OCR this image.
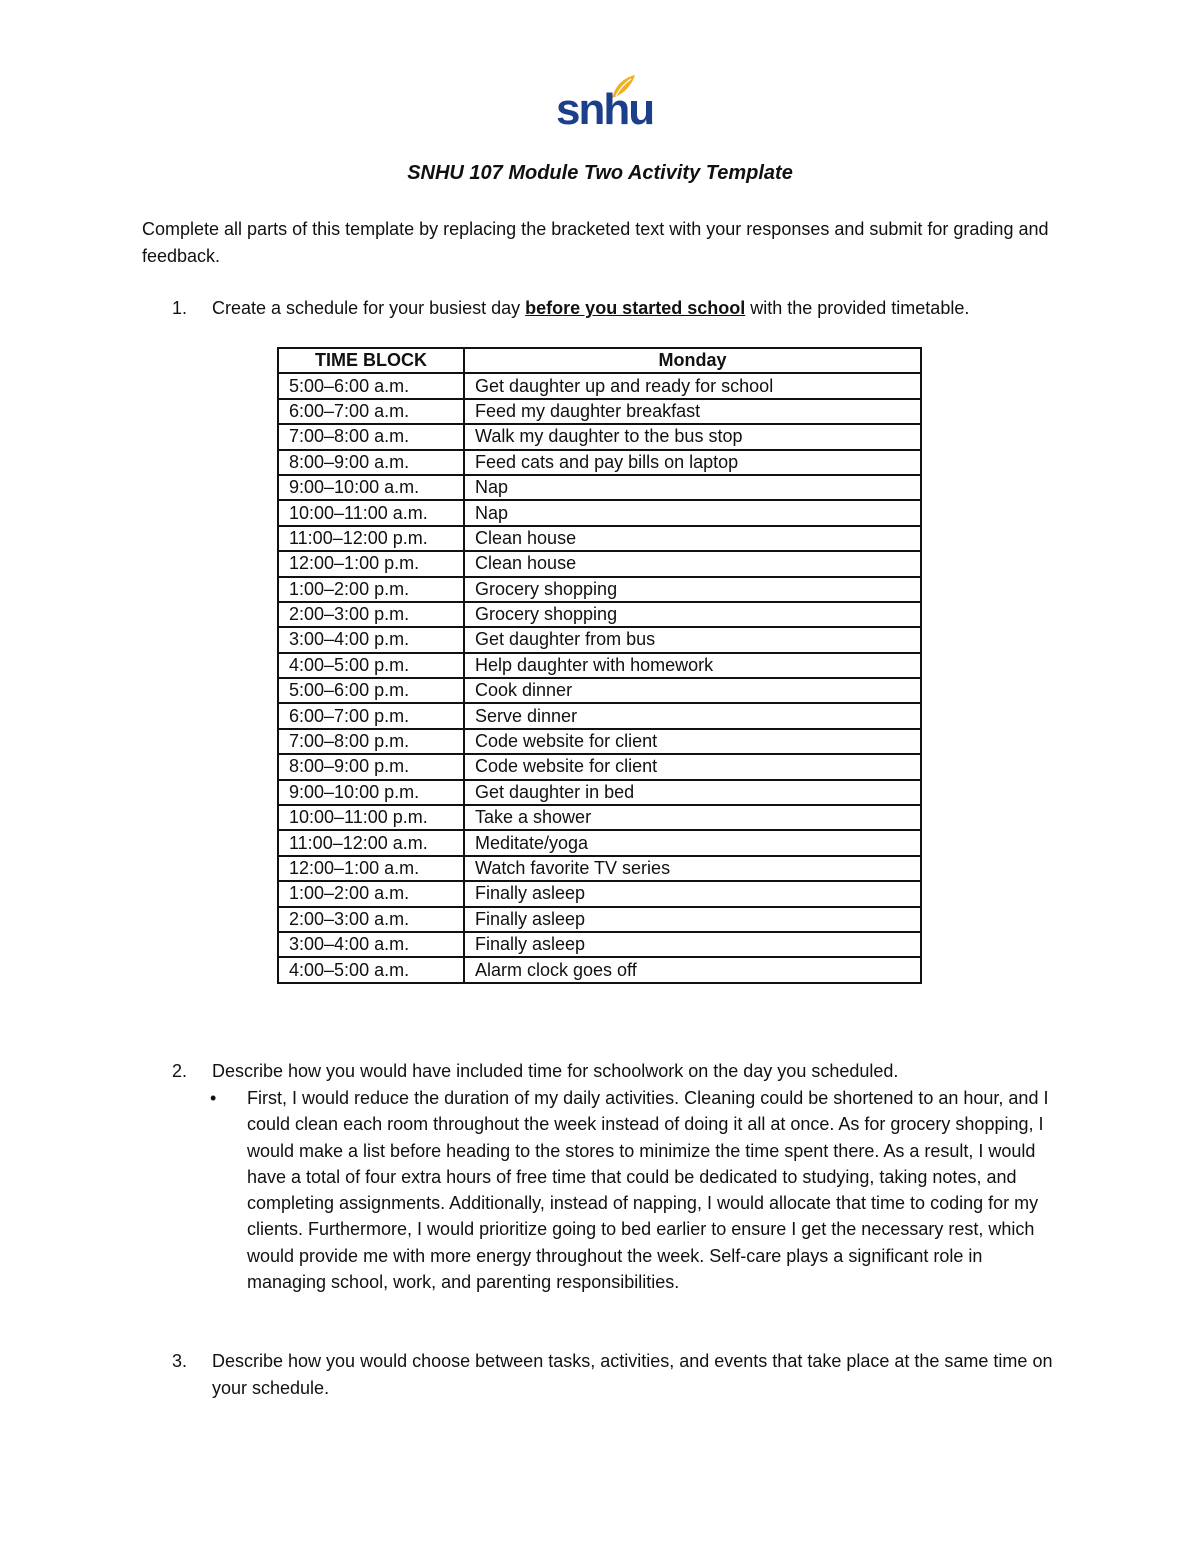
snhu
SNHU 107 Module Two Activity Template
Complete all parts of this template by replacing the bracketed text with your responses and submit for grading and feedback.
1. Create a schedule for your busiest day before you started school with the provided timetable.
TIME BLOCK	Monday
5:00–6:00 a.m.	Get daughter up and ready for school
6:00–7:00 a.m.	Feed my daughter breakfast
7:00–8:00 a.m.	Walk my daughter to the bus stop
8:00–9:00 a.m.	Feed cats and pay bills on laptop
9:00–10:00 a.m.	Nap
10:00–11:00 a.m.	Nap
11:00–12:00 p.m.	Clean house
12:00–1:00 p.m.	Clean house
1:00–2:00 p.m.	Grocery shopping
2:00–3:00 p.m.	Grocery shopping
3:00–4:00 p.m.	Get daughter from bus
4:00–5:00 p.m.	Help daughter with homework
5:00–6:00 p.m.	Cook dinner
6:00–7:00 p.m.	Serve dinner
7:00–8:00 p.m.	Code website for client
8:00–9:00 p.m.	Code website for client
9:00–10:00 p.m.	Get daughter in bed
10:00–11:00 p.m.	Take a shower
11:00–12:00 a.m.	Meditate/yoga
12:00–1:00 a.m.	Watch favorite TV series
1:00–2:00 a.m.	Finally asleep
2:00–3:00 a.m.	Finally asleep
3:00–4:00 a.m.	Finally asleep
4:00–5:00 a.m.	Alarm clock goes off
2. Describe how you would have included time for schoolwork on the day you scheduled.
• First, I would reduce the duration of my daily activities. Cleaning could be shortened to an hour, and I could clean each room throughout the week instead of doing it all at once. As for grocery shopping, I would make a list before heading to the stores to minimize the time spent there. As a result, I would have a total of four extra hours of free time that could be dedicated to studying, taking notes, and completing assignments. Additionally, instead of napping, I would allocate that time to coding for my clients. Furthermore, I would prioritize going to bed earlier to ensure I get the necessary rest, which would provide me with more energy throughout the week. Self-care plays a significant role in managing school, work, and parenting responsibilities.
3. Describe how you would choose between tasks, activities, and events that take place at the same time on your schedule.
